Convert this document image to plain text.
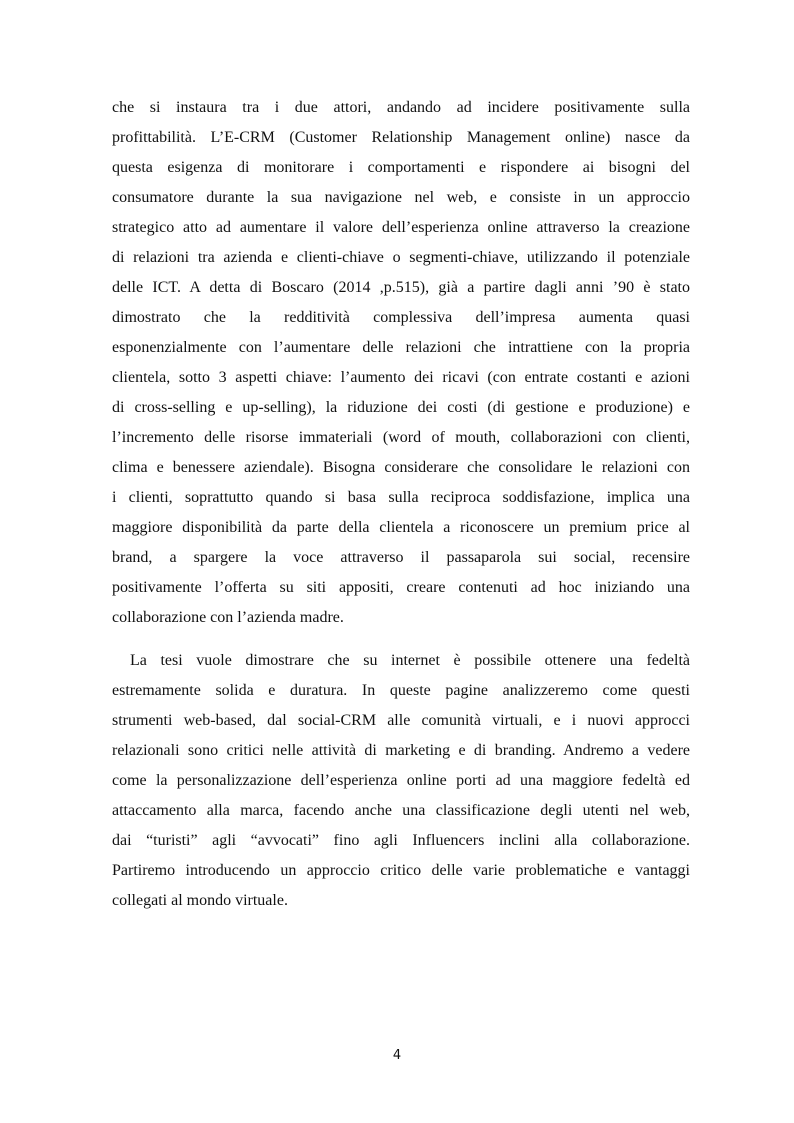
che si instaura tra i due attori, andando ad incidere positivamente sulla
profittabilità. L’E-CRM (Customer Relationship Management online) nasce da
questa esigenza di monitorare i comportamenti e rispondere ai bisogni del
consumatore durante la sua navigazione nel web, e consiste in un approccio
strategico atto ad aumentare il valore dell’esperienza online attraverso la creazione
di relazioni tra azienda e clienti-chiave o segmenti-chiave, utilizzando il potenziale
delle ICT. A detta di Boscaro (2014 ,p.515), già a partire dagli anni ’90 è stato
dimostrato che la redditività complessiva dell’impresa aumenta quasi
esponenzialmente con l’aumentare delle relazioni che intrattiene con la propria
clientela, sotto 3 aspetti chiave: l’aumento dei ricavi (con entrate costanti e azioni
di cross-selling e up-selling), la riduzione dei costi (di gestione e produzione) e
l’incremento delle risorse immateriali (word of mouth, collaborazioni con clienti,
clima e benessere aziendale). Bisogna considerare che consolidare le relazioni con
i clienti, soprattutto quando si basa sulla reciproca soddisfazione, implica una
maggiore disponibilità da parte della clientela a riconoscere un premium price al
brand, a spargere la voce attraverso il passaparola sui social, recensire
positivamente l’offerta su siti appositi, creare contenuti ad hoc iniziando una
collaborazione con l’azienda madre.
La tesi vuole dimostrare che su internet è possibile ottenere una fedeltà
estremamente solida e duratura. In queste pagine analizzeremo come questi
strumenti web-based, dal social-CRM alle comunità virtuali, e i nuovi approcci
relazionali sono critici nelle attività di marketing e di branding. Andremo a vedere
come la personalizzazione dell’esperienza online porti ad una maggiore fedeltà ed
attaccamento alla marca, facendo anche una classificazione degli utenti nel web,
dai “turisti” agli “avvocati” fino agli Influencers inclini alla collaborazione.
Partiremo introducendo un approccio critico delle varie problematiche e vantaggi
collegati al mondo virtuale.
4
